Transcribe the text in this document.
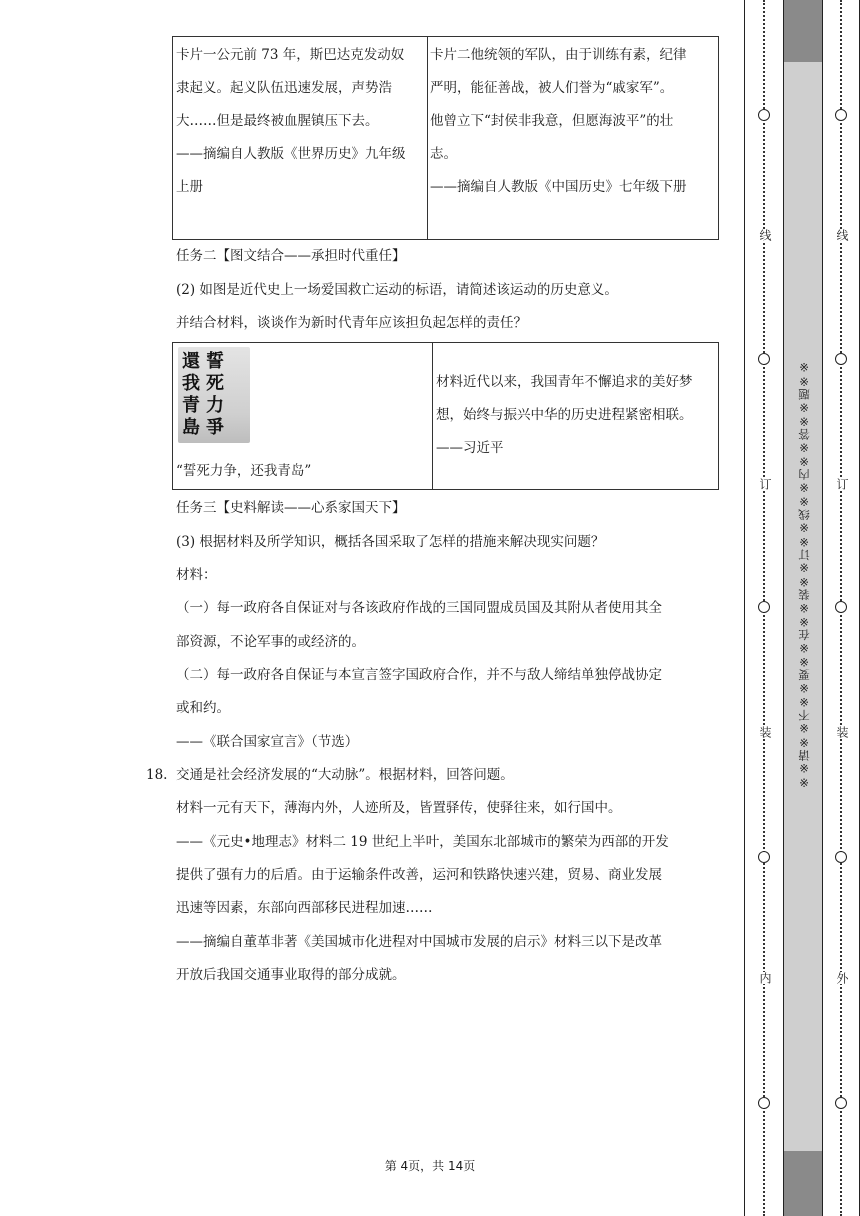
卡片一公元前 73 年，斯巴达克发动奴
隶起义。起义队伍迅速发展，声势浩
大……但是最终被血腥镇压下去。
——摘编自人教版《世界历史》九年级
上册
卡片二他统领的军队，由于训练有素，纪律
严明，能征善战，被人们誉为“戚家军”。
他曾立下“封侯非我意，但愿海波平”的壮
志。
——摘编自人教版《中国历史》七年级下册
任务二【图文结合——承担时代重任】
(2) 如图是近代史上一场爱国救亡运动的标语，请简述该运动的历史意义。
并结合材料，谈谈作为新时代青年应该担负起怎样的责任？
誓死力爭
還我青島
“誓死力争，还我青岛”
材料近代以来，我国青年不懈追求的美好梦
想，始终与振兴中华的历史进程紧密相联。
——习近平
任务三【史料解读——心系家国天下】
(3) 根据材料及所学知识，概括各国采取了怎样的措施来解决现实问题？
材料：
（一）每一政府各自保证对与各该政府作战的三国同盟成员国及其附从者使用其全
部资源，不论军事的或经济的。
（二）每一政府各自保证与本宣言签字国政府合作，并不与敌人缔结单独停战协定
或和约。
——《联合国家宣言》（节选）
18. 交通是社会经济发展的“大动脉”。根据材料，回答问题。
材料一元有天下，薄海内外，人迹所及，皆置驿传，使驿往来，如行国中。
——《元史•地理志》材料二 19 世纪上半叶，美国东北部城市的繁荣为西部的开发
提供了强有力的后盾。由于运输条件改善，运河和铁路快速兴建，贸易、商业发展
迅速等因素，东部向西部移民进程加速……
——摘编自董革非著《美国城市化进程对中国城市发展的启示》材料三以下是改革
开放后我国交通事业取得的部分成就。
第 4页，共 14页
线
订
装
内
线
订
装
外
※※请※※不※※要※※在※※装※※订※※线※※内※※答※※题※※
